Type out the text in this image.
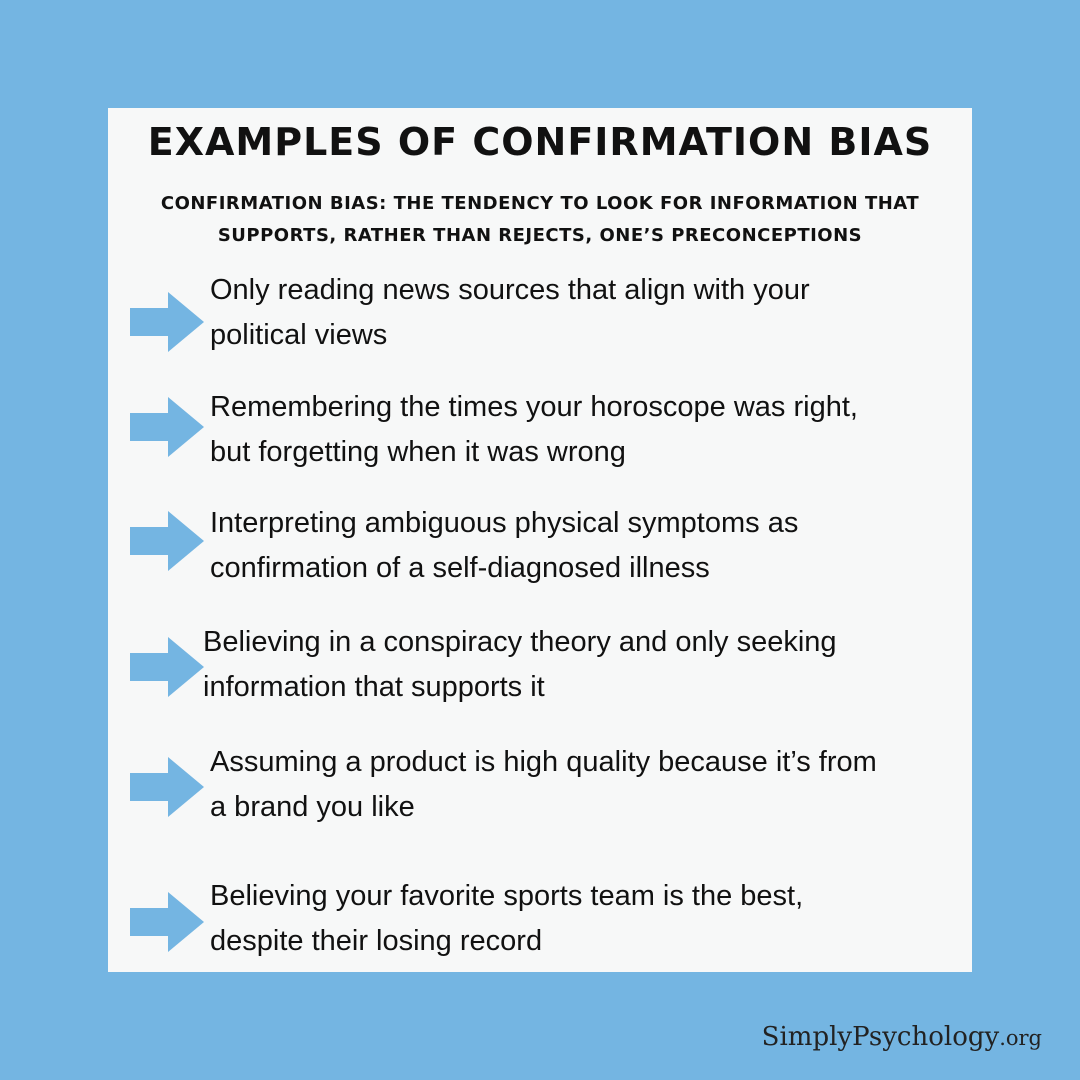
EXAMPLES OF CONFIRMATION BIAS

CONFIRMATION BIAS: THE TENDENCY TO LOOK FOR INFORMATION THAT SUPPORTS, RATHER THAN REJECTS, ONE’S PRECONCEPTIONS

Only reading news sources that align with your political views

Remembering the times your horoscope was right, but forgetting when it was wrong

Interpreting ambiguous physical symptoms as confirmation of a self-diagnosed illness

Believing in a conspiracy theory and only seeking information that supports it

Assuming a product is high quality because it’s from a brand you like

Believing your favorite sports team is the best, despite their losing record

SimplyPsychology.org
